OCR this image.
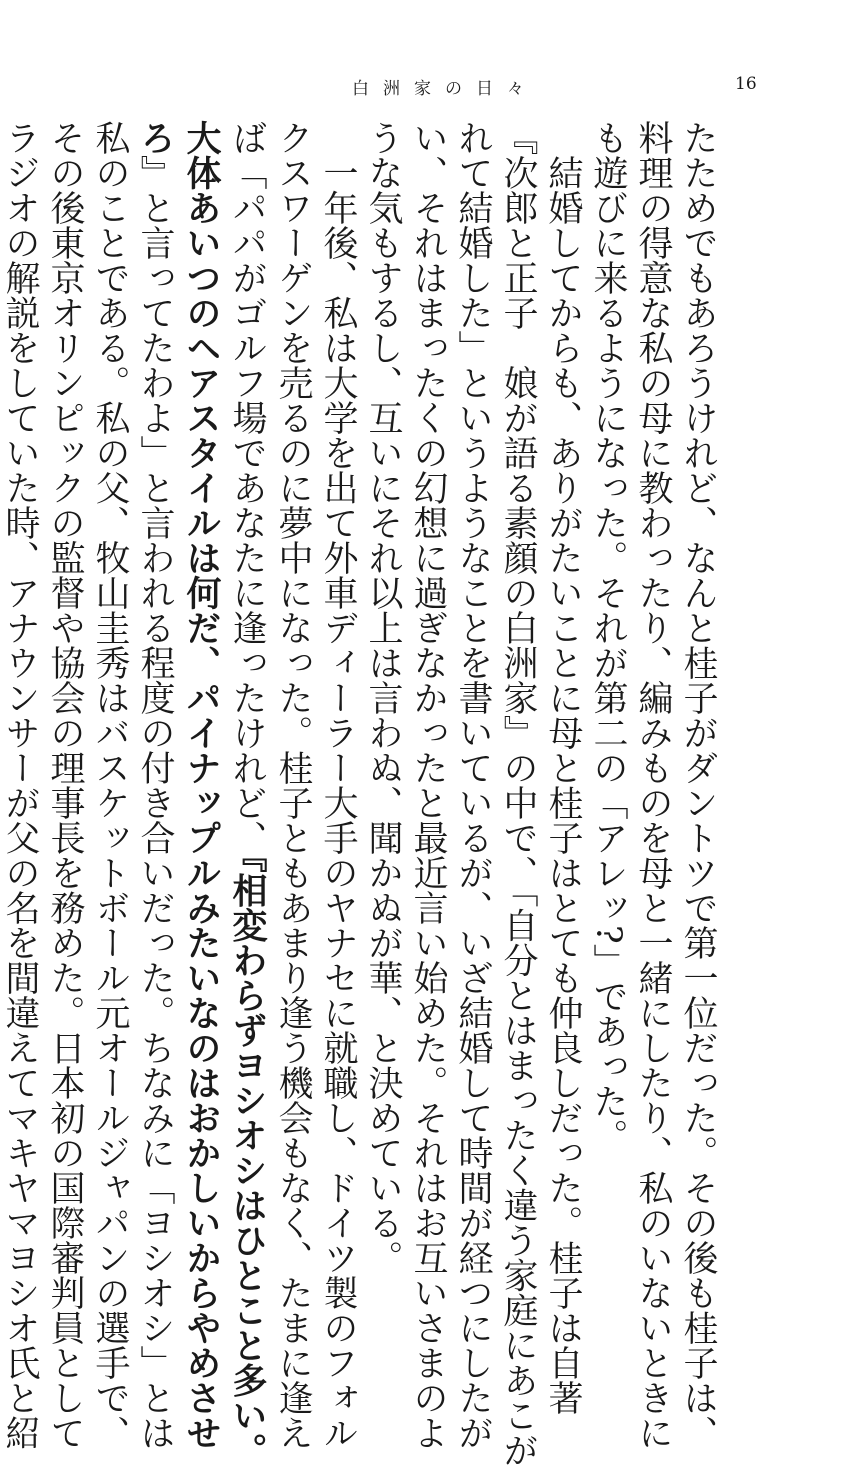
白洲家の日々	16
たためでもあろうけれど、なんと桂子がダントツで第一位だった。その後も桂子は、
料理の得意な私の母に教わったり、編みものを母と一緒にしたり、私のいないときに
も遊びに来るようになった。それが第二の「アレッ?」であった。
　結婚してからも、ありがたいことに母と桂子はとても仲良しだった。桂子は自著
『次郎と正子　娘が語る素顔の白洲家』の中で、「自分とはまったく違う家庭にあこが
れて結婚した」というようなことを書いているが、いざ結婚して時間が経つにしたが
い、それはまったくの幻想に過ぎなかったと最近言い始めた。それはお互いさまのよ
うな気もするし、互いにそれ以上は言わぬ、聞かぬが華、と決めている。
　一年後、私は大学を出て外車ディーラー大手のヤナセに就職し、ドイツ製のフォル
クスワーゲンを売るのに夢中になった。桂子ともあまり逢う機会もなく、たまに逢え
ば「パパがゴルフ場であなたに逢ったけれど、『相変わらずヨシオシはひとこと多い。
大体あいつのヘアスタイルは何だ、パイナップルみたいなのはおかしいからやめさせ
ろ』と言ってたわよ」と言われる程度の付き合いだった。ちなみに「ヨシオシ」とは
私のことである。私の父、牧山圭秀はバスケットボール元オールジャパンの選手で、
その後東京オリンピックの監督や協会の理事長を務めた。日本初の国際審判員として
ラジオの解説をしていた時、アナウンサーが父の名を間違えてマキヤマヨシオ氏と紹
